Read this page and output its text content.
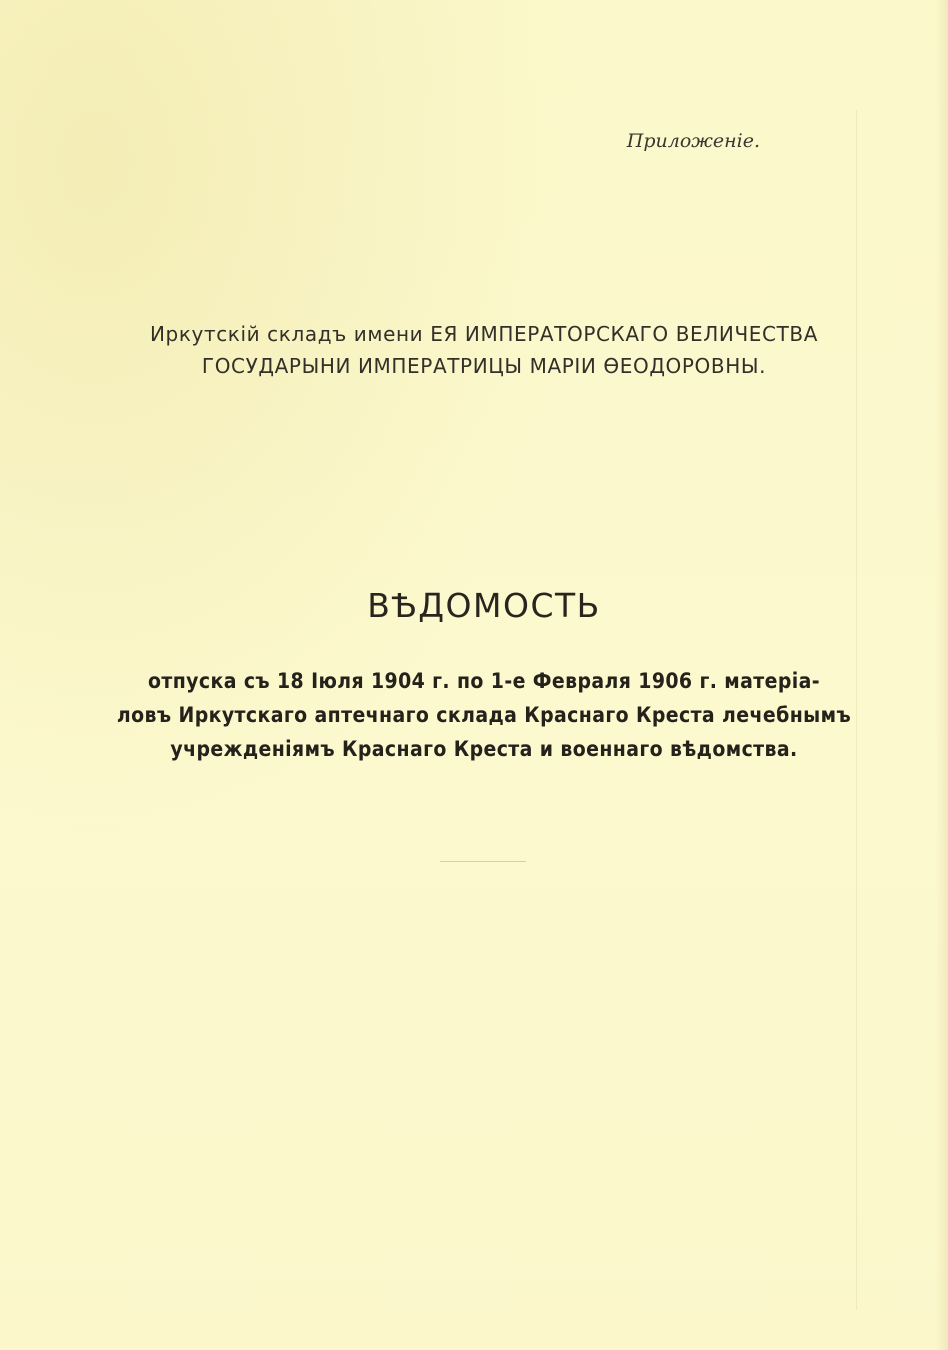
Приложенiе.
Иркутскiй складъ имени ЕЯ ИМПЕРАТОРСКАГО ВЕЛИЧЕСТВА
ГОСУДАРЫНИ ИМПЕРАТРИЦЫ МАРIИ ѲЕОДОРОВНЫ.
ВѢДОМОСТЬ
отпуска съ 18 Iюля 1904 г. по 1-е Февраля 1906 г. матерiа-
ловъ Иркутскаго аптечнаго склада Краснаго Креста лечебнымъ
учрежденiямъ Краснаго Креста и военнаго вѣдомства.
